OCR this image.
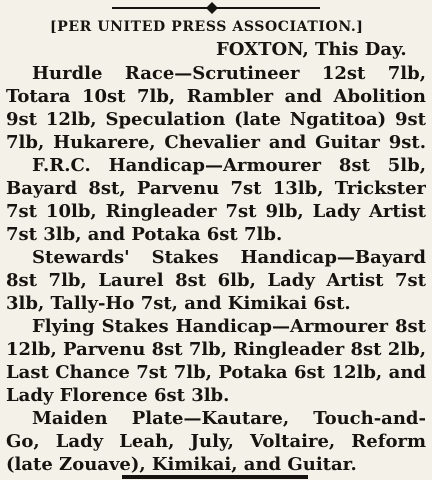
[PER UNITED PRESS ASSOCIATION.]
FOXTON, This Day.
Hurdle Race—Scrutineer 12st 7lb,
Totara 10st 7lb, Rambler and Abolition
9st 12lb, Speculation (late Ngatitoa) 9st
7lb, Hukarere, Chevalier and Guitar 9st.
F.R.C. Handicap—Armourer 8st 5lb,
Bayard 8st, Parvenu 7st 13lb, Trickster
7st 10lb, Ringleader 7st 9lb, Lady Artist
7st 3lb, and Potaka 6st 7lb.
Stewards' Stakes Handicap—Bayard
8st 7lb, Laurel 8st 6lb, Lady Artist 7st
3lb, Tally-Ho 7st, and Kimikai 6st.
Flying Stakes Handicap—Armourer 8st
12lb, Parvenu 8st 7lb, Ringleader 8st 2lb,
Last Chance 7st 7lb, Potaka 6st 12lb, and
Lady Florence 6st 3lb.
Maiden Plate—Kautare, Touch-and-
Go, Lady Leah, July, Voltaire, Reform
(late Zouave), Kimikai, and Guitar.
